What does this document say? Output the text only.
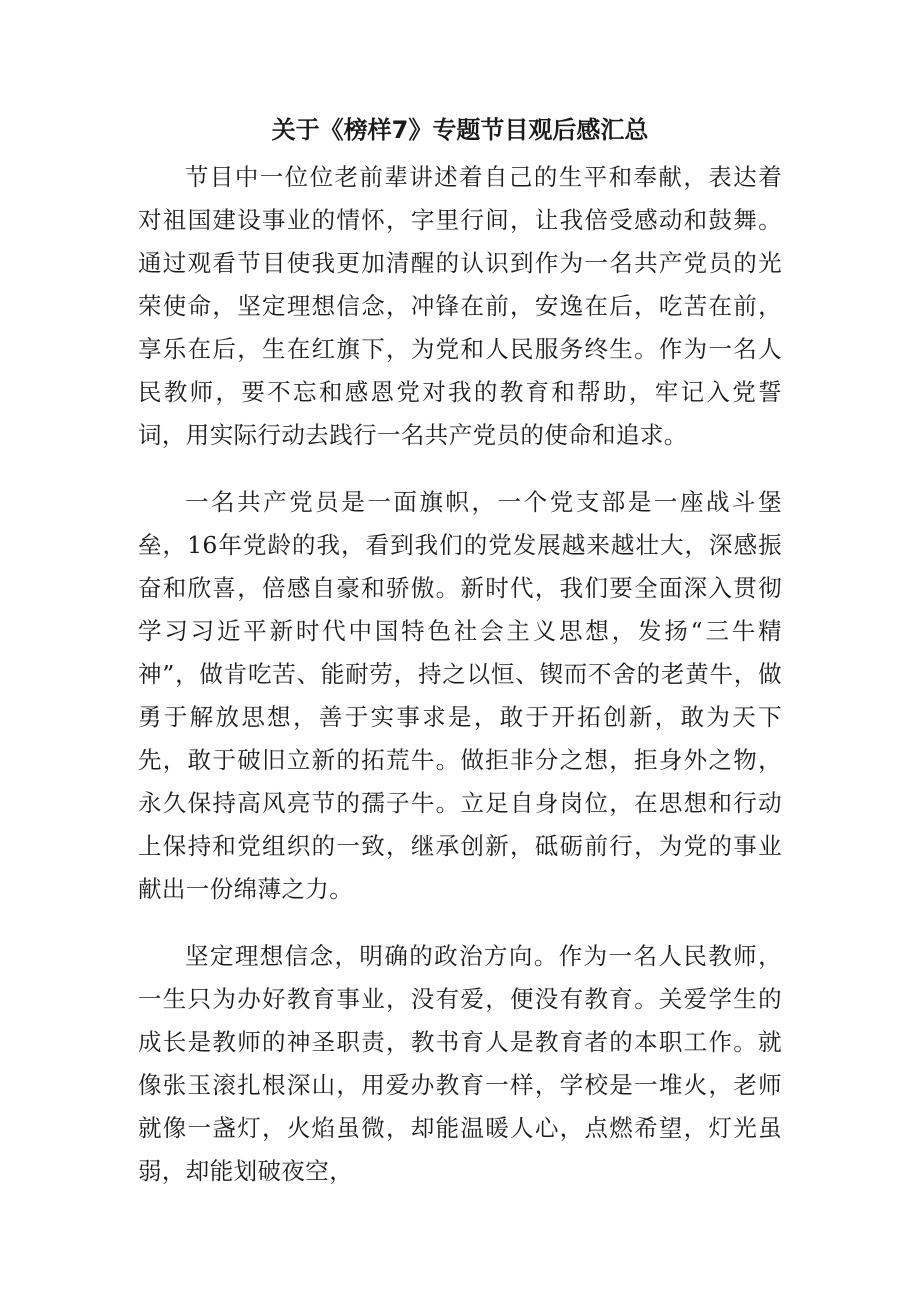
关于《榜样7》专题节目观后感汇总

节目中一位位老前辈讲述着自己的生平和奉献，表达着对祖国建设事业的情怀，字里行间，让我倍受感动和鼓舞。通过观看节目使我更加清醒的认识到作为一名共产党员的光荣使命，坚定理想信念，冲锋在前，安逸在后，吃苦在前，享乐在后，生在红旗下，为党和人民服务终生。作为一名人民教师，要不忘和感恩党对我的教育和帮助，牢记入党誓词，用实际行动去践行一名共产党员的使命和追求。

一名共产党员是一面旗帜，一个党支部是一座战斗堡垒，16年党龄的我，看到我们的党发展越来越壮大，深感振奋和欣喜，倍感自豪和骄傲。新时代，我们要全面深入贯彻学习习近平新时代中国特色社会主义思想，发扬“三牛精神”，做肯吃苦、能耐劳，持之以恒、锲而不舍的老黄牛，做勇于解放思想，善于实事求是，敢于开拓创新，敢为天下先，敢于破旧立新的拓荒牛。做拒非分之想，拒身外之物，永久保持高风亮节的孺子牛。立足自身岗位，在思想和行动上保持和党组织的一致，继承创新，砥砺前行，为党的事业献出一份绵薄之力。

坚定理想信念，明确的政治方向。作为一名人民教师，一生只为办好教育事业，没有爱，便没有教育。关爱学生的成长是教师的神圣职责，教书育人是教育者的本职工作。就像张玉滚扎根深山，用爱办教育一样，学校是一堆火，老师就像一盏灯，火焰虽微，却能温暖人心，点燃希望，灯光虽弱，却能划破夜空，
